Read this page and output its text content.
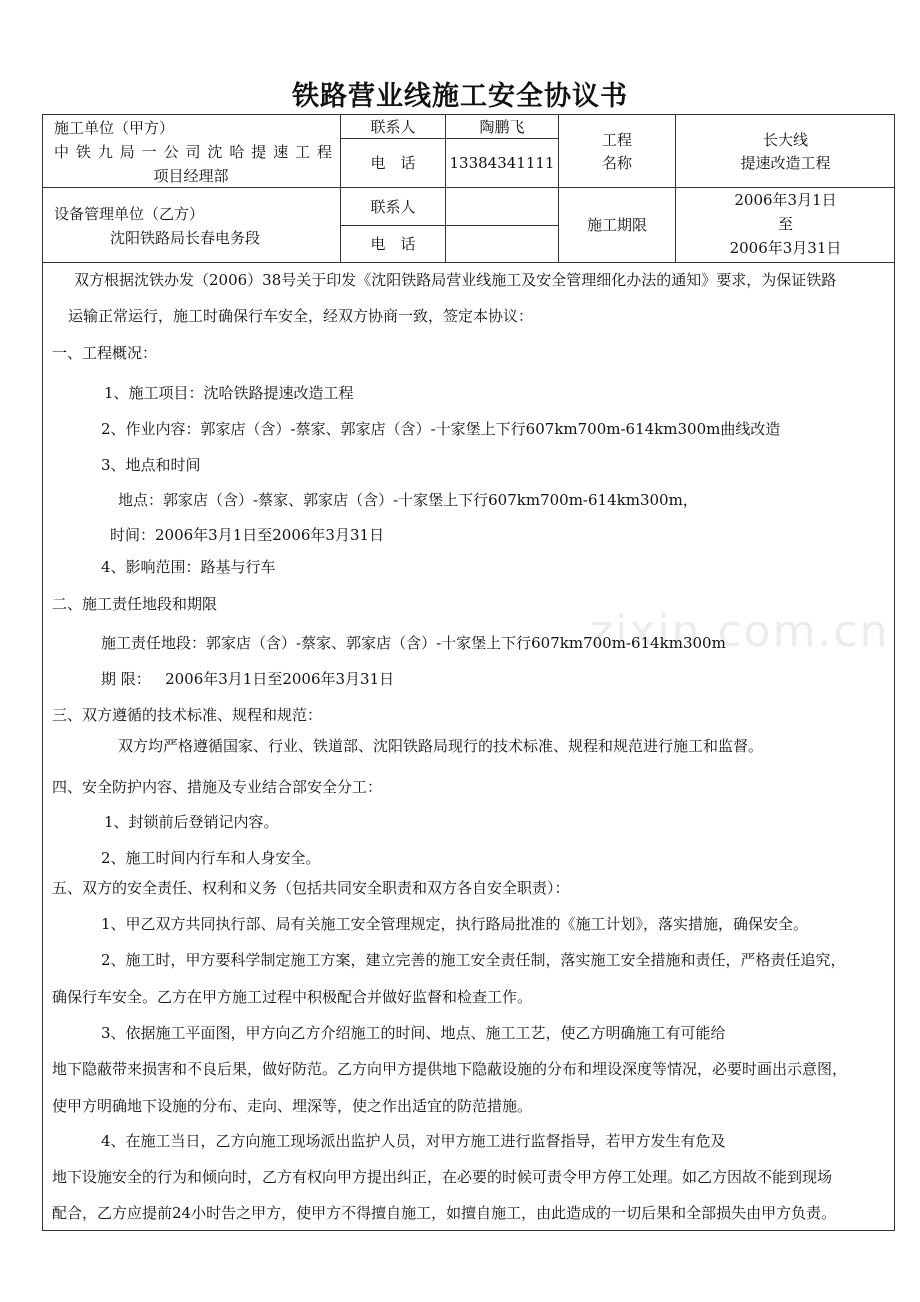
铁路营业线施工安全协议书
施工单位（甲方）
中铁九局一公司沈哈提速工程
项目经理部
联系人	陶鹏飞
电　话	13384341111
工程
名称
长大线
提速改造工程
设备管理单位（乙方）
沈阳铁路局长春电务段
联系人
电　话
施工期限
2006年3月1日
至
2006年3月31日
zixin.com.cn
双方根据沈铁办发（2006）38号关于印发《沈阳铁路局营业线施工及安全管理细化办法的通知》要求，为保证铁路
运输正常运行，施工时确保行车安全，经双方协商一致，签定本协议：
一、工程概况：
1、施工项目：沈哈铁路提速改造工程
2、作业内容：郭家店（含）-蔡家、郭家店（含）-十家堡上下行607km700m-614km300m曲线改造
3、地点和时间
地点：郭家店（含）-蔡家、郭家店（含）-十家堡上下行607km700m-614km300m，
时间：2006年3月1日至2006年3月31日
4、影响范围：路基与行车
二、施工责任地段和期限
施工责任地段：郭家店（含）-蔡家、郭家店（含）-十家堡上下行607km700m-614km300m
期 限：   2006年3月1日至2006年3月31日
三、双方遵循的技术标准、规程和规范：
双方均严格遵循国家、行业、铁道部、沈阳铁路局现行的技术标准、规程和规范进行施工和监督。
四、安全防护内容、措施及专业结合部安全分工：
1、封锁前后登销记内容。
2、施工时间内行车和人身安全。
五、双方的安全责任、权利和义务（包括共同安全职责和双方各自安全职责）：
1、甲乙双方共同执行部、局有关施工安全管理规定，执行路局批准的《施工计划》，落实措施，确保安全。
2、施工时，甲方要科学制定施工方案，建立完善的施工安全责任制，落实施工安全措施和责任，严格责任追究，
确保行车安全。乙方在甲方施工过程中积极配合并做好监督和检查工作。
3、依据施工平面图，甲方向乙方介绍施工的时间、地点、施工工艺，使乙方明确施工有可能给
地下隐蔽带来损害和不良后果，做好防范。乙方向甲方提供地下隐蔽设施的分布和埋设深度等情况，必要时画出示意图，
使甲方明确地下设施的分布、走向、埋深等，使之作出适宜的防范措施。
4、在施工当日，乙方向施工现场派出监护人员，对甲方施工进行监督指导，若甲方发生有危及
地下设施安全的行为和倾向时，乙方有权向甲方提出纠正，在必要的时候可责令甲方停工处理。如乙方因故不能到现场
配合，乙方应提前24小时告之甲方，使甲方不得擅自施工，如擅自施工，由此造成的一切后果和全部损失由甲方负责。
